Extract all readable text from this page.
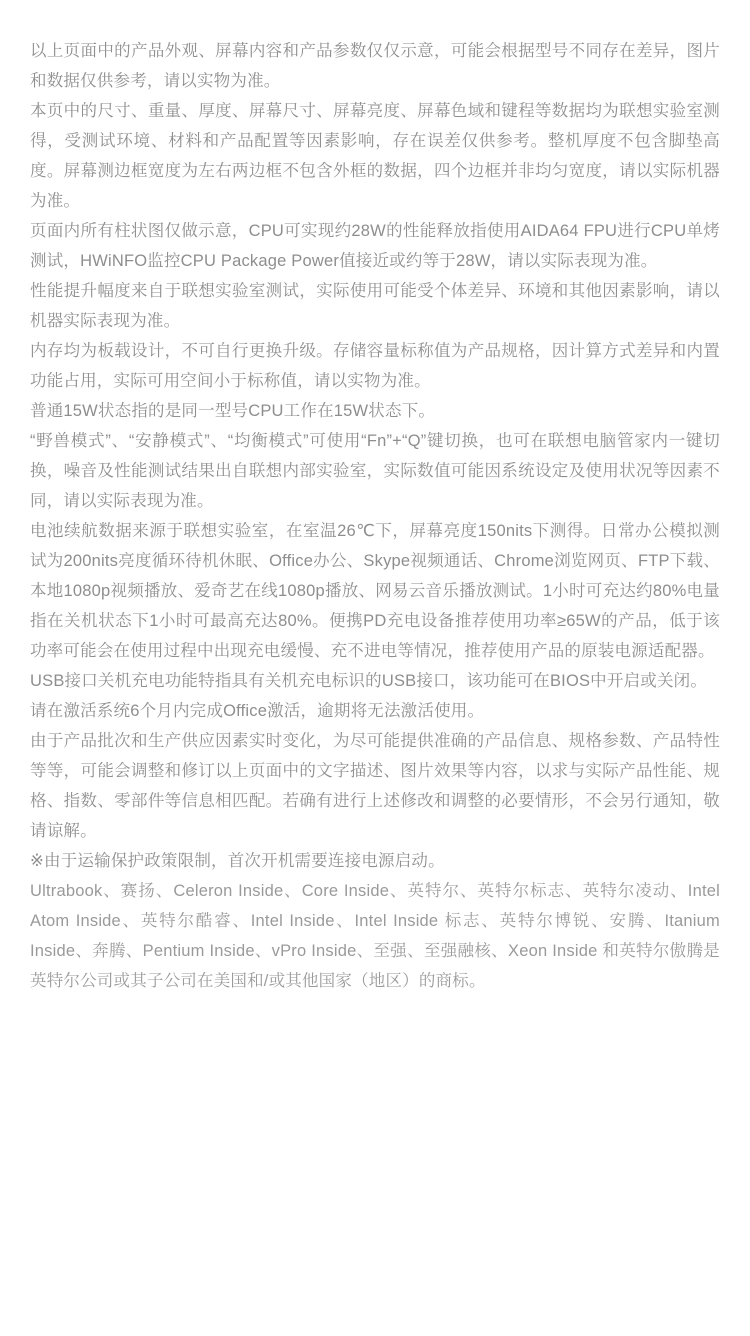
以上页面中的产品外观、屏幕内容和产品参数仅仅示意，可能会根据型号不同存在差异，图片和数据仅供参考，请以实物为准。

本页中的尺寸、重量、厚度、屏幕尺寸、屏幕亮度、屏幕色域和键程等数据均为联想实验室测得，受测试环境、材料和产品配置等因素影响，存在误差仅供参考。整机厚度不包含脚垫高度。屏幕测边框宽度为左右两边框不包含外框的数据，四个边框并非均匀宽度，请以实际机器为准。

页面内所有柱状图仅做示意，CPU可实现约28W的性能释放指使用AIDA64 FPU进行CPU单烤测试，HWiNFO监控CPU Package Power值接近或约等于28W，请以实际表现为准。

性能提升幅度来自于联想实验室测试，实际使用可能受个体差异、环境和其他因素影响，请以机器实际表现为准。

内存均为板载设计，不可自行更换升级。存储容量标称值为产品规格，因计算方式差异和内置功能占用，实际可用空间小于标称值，请以实物为准。

普通15W状态指的是同一型号CPU工作在15W状态下。

“野兽模式”、“安静模式”、“均衡模式”可使用“Fn”+“Q”键切换，也可在联想电脑管家内一键切换，噪音及性能测试结果出自联想内部实验室，实际数值可能因系统设定及使用状况等因素不同，请以实际表现为准。

电池续航数据来源于联想实验室，在室温26℃下，屏幕亮度150nits下测得。日常办公模拟测试为200nits亮度循环待机休眠、Office办公、Skype视频通话、Chrome浏览网页、FTP下载、本地1080p视频播放、爱奇艺在线1080p播放、网易云音乐播放测试。1小时可充达约80%电量指在关机状态下1小时可最高充达80%。便携PD充电设备推荐使用功率≥65W的产品，低于该功率可能会在使用过程中出现充电缓慢、充不进电等情况，推荐使用产品的原装电源适配器。

USB接口关机充电功能特指具有关机充电标识的USB接口，该功能可在BIOS中开启或关闭。

请在激活系统6个月内完成Office激活，逾期将无法激活使用。

由于产品批次和生产供应因素实时变化，为尽可能提供准确的产品信息、规格参数、产品特性等等，可能会调整和修订以上页面中的文字描述、图片效果等内容，以求与实际产品性能、规格、指数、零部件等信息相匹配。若确有进行上述修改和调整的必要情形，不会另行通知，敬请谅解。

※由于运输保护政策限制，首次开机需要连接电源启动。

Ultrabook、赛扬、Celeron Inside、Core Inside、英特尔、英特尔标志、英特尔凌动、Intel Atom Inside、英特尔酷睿、Intel Inside、Intel Inside 标志、英特尔博锐、安腾、Itanium Inside、奔腾、Pentium Inside、vPro Inside、至强、至强融核、Xeon Inside 和英特尔傲腾是英特尔公司或其子公司在美国和/或其他国家（地区）的商标。
